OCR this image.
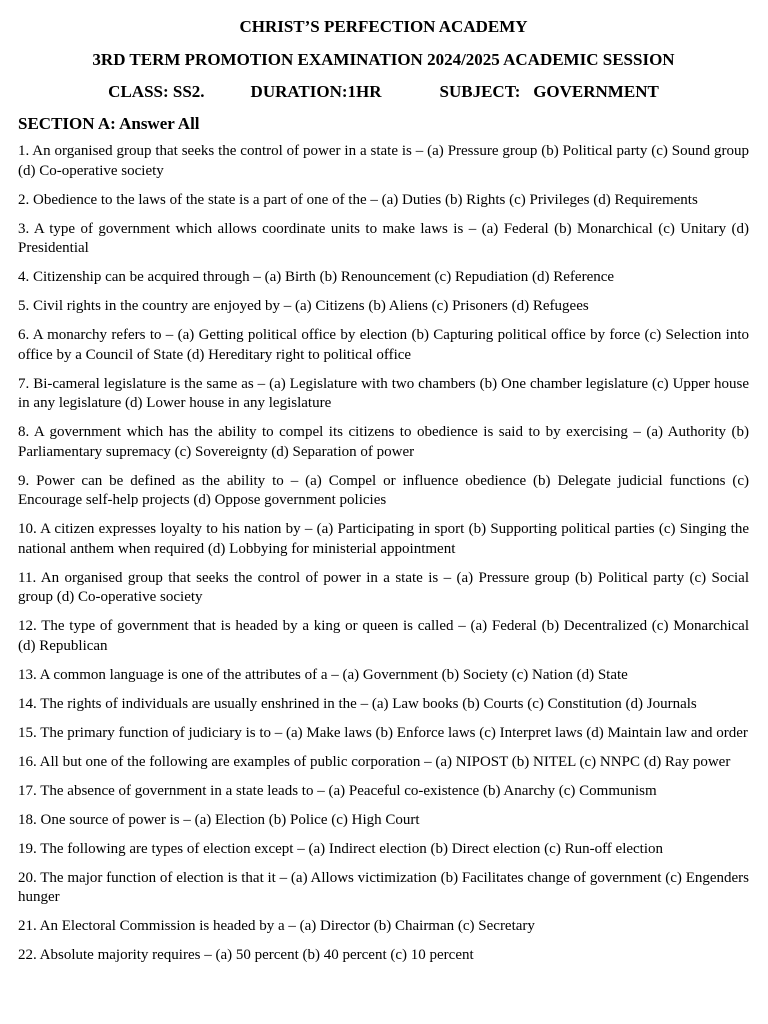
CHRIST’S PERFECTION ACADEMY

3RD TERM PROMOTION EXAMINATION 2024/2025 ACADEMIC SESSION

CLASS: SS2.	DURATION:1HR	SUBJECT:   GOVERNMENT

SECTION A: Answer All

1. An organised group that seeks the control of power in a state is – (a) Pressure group (b) Political party (c) Sound group (d) Co-operative society

2. Obedience to the laws of the state is a part of one of the – (a) Duties (b) Rights (c) Privileges (d) Requirements

3. A type of government which allows coordinate units to make laws is – (a) Federal (b) Monarchical (c) Unitary (d) Presidential

4. Citizenship can be acquired through – (a) Birth (b) Renouncement (c) Repudiation (d) Reference

5. Civil rights in the country are enjoyed by – (a) Citizens (b) Aliens (c) Prisoners (d) Refugees

6. A monarchy refers to – (a) Getting political office by election (b) Capturing political office by force (c) Selection into office by a Council of State (d) Hereditary right to political office

7. Bi-cameral legislature is the same as – (a) Legislature with two chambers (b) One chamber legislature (c) Upper house in any legislature (d) Lower house in any legislature

8. A government which has the ability to compel its citizens to obedience is said to by exercising – (a) Authority (b) Parliamentary supremacy (c) Sovereignty (d) Separation of power

9. Power can be defined as the ability to – (a) Compel or influence obedience (b) Delegate judicial functions (c) Encourage self-help projects (d) Oppose government policies

10. A citizen expresses loyalty to his nation by – (a) Participating in sport (b) Supporting political parties (c) Singing the national anthem when required (d) Lobbying for ministerial appointment

11. An organised group that seeks the control of power in a state is – (a) Pressure group (b) Political party (c) Social group (d) Co-operative society

12. The type of government that is headed by a king or queen is called – (a) Federal (b) Decentralized (c) Monarchical (d) Republican

13. A common language is one of the attributes of a – (a) Government (b) Society (c) Nation (d) State

14. The rights of individuals are usually enshrined in the – (a) Law books (b) Courts (c) Constitution (d) Journals

15. The primary function of judiciary is to – (a) Make laws (b) Enforce laws (c) Interpret laws (d) Maintain law and order

16. All but one of the following are examples of public corporation – (a) NIPOST (b) NITEL (c) NNPC (d) Ray power

17. The absence of government in a state leads to – (a) Peaceful co-existence (b) Anarchy (c) Communism

18. One source of power is – (a) Election (b) Police (c) High Court

19. The following are types of election except – (a) Indirect election (b) Direct election (c) Run-off election

20. The major function of election is that it – (a) Allows victimization (b) Facilitates change of government (c) Engenders hunger

21. An Electoral Commission is headed by a – (a) Director (b) Chairman (c) Secretary

22. Absolute majority requires – (a) 50 percent (b) 40 percent (c) 10 percent
